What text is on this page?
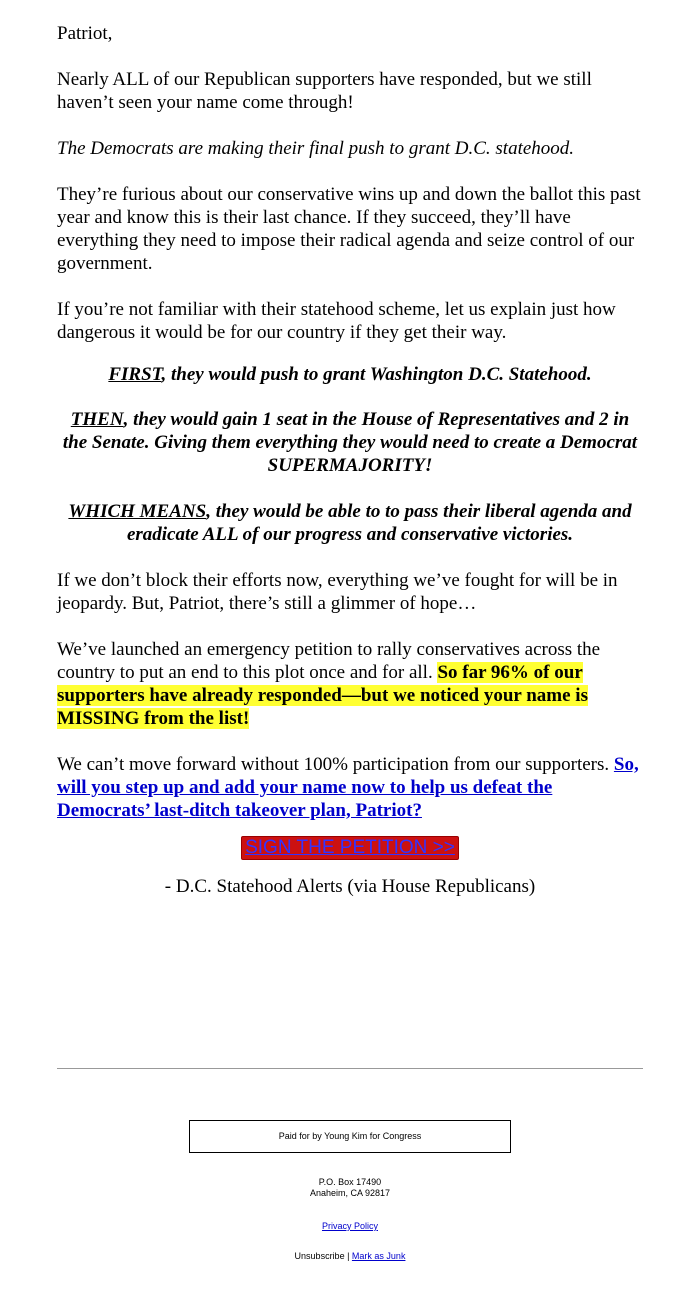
Patriot,

Nearly ALL of our Republican supporters have responded, but we still haven’t seen your name come through!

The Democrats are making their final push to grant D.C. statehood.

They’re furious about our conservative wins up and down the ballot this past year and know this is their last chance. If they succeed, they’ll have everything they need to impose their radical agenda and seize control of our government.

If you’re not familiar with their statehood scheme, let us explain just how dangerous it would be for our country if they get their way.

FIRST, they would push to grant Washington D.C. Statehood.

THEN, they would gain 1 seat in the House of Representatives and 2 in the Senate. Giving them everything they would need to create a Democrat SUPERMAJORITY!

WHICH MEANS, they would be able to to pass their liberal agenda and eradicate ALL of our progress and conservative victories.

If we don’t block their efforts now, everything we’ve fought for will be in jeopardy. But, Patriot, there’s still a glimmer of hope…

We’ve launched an emergency petition to rally conservatives across the country to put an end to this plot once and for all. So far 96% of our supporters have already responded—but we noticed your name is MISSING from the list!

We can’t move forward without 100% participation from our supporters. So, will you step up and add your name now to help us defeat the Democrats’ last-ditch takeover plan, Patriot?

SIGN THE PETITION >>

- D.C. Statehood Alerts (via House Republicans)

Paid for by Young Kim for Congress
P.O. Box 17490
Anaheim, CA 92817
Privacy Policy
Unsubscribe | Mark as Junk
